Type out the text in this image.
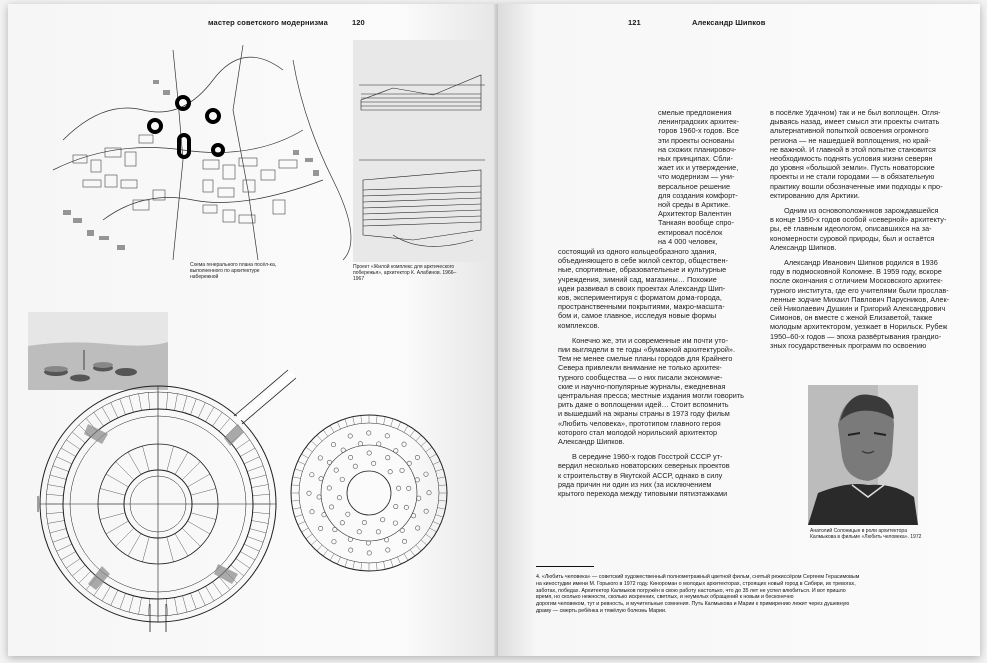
мастер советского модернизма	120
Схема генерального плана посёл-ка, выполненного по архитектуре набережной
Проект «Жилой комплекс для арктического побережья», архитектор К. Алабинов. 1966–1967
121	Александр Шипков

смелые предложения

ленинградских архитек-

торов 1960-х годов. Все

эти проекты основаны

на схожих планировоч-

ных принципах. Сбли-

жает их и утверждение,

что модернизм — уни-

версальное решение

для создания комфорт-

ной среды в Арктике.

Архитектор Валентин

Танкаян вообще спро-

ектировал посёлок

на 4 000 человек,

состоящий из одного кольцеобразного здания,

объединяющего в себе жилой сектор, обществен-

ные, спортивные, образовательные и культурные

учреждения, зимний сад, магазины… Похожие

идеи развивал в своих проектах Александр Шип-

ков, экспериментируя с форматом дома-города,

пространственными покрытиями, макро-масшта-

бом и, самое главное, исследуя новые формы

комплексов.

Конечно же, эти и современные им почти уто-

пии выглядели в те годы «бумажной архитектурой».

Тем не менее смелые планы городов для Крайнего

Севера привлекли внимание не только архитек-

турного сообщества — о них писали экономиче-

ские и научно-популярные журналы, ежедневная

центральная пресса; местные издания могли говорить

рить даже о воплощении идей… Стоит вспомнить

и вышедший на экраны страны в 1973 году фильм

«Любить человека», прототипом главного героя

которого стал молодой норильский архитектор

Александр Шипков.

В середине 1960-х годов Госстрой СССР ут-

вердил несколько новаторских северных проектов

к строительству в Якутской АССР, однако в силу

ряда причин ни один из них (за исключением

крытого перехода между типовыми пятиэтажками

в посёлке Удачном) так и не был воплощён. Огля-

дываясь назад, имеет смысл эти проекты считать

альтернативной попыткой освоения огромного

региона — не нашедшей воплощения, но край-

не важной. И главной в этой попытке становится

необходимость поднять условия жизни северян

до уровня «большой земли». Пусть новаторские

проекты и не стали городами — в обязательную

практику вошли обозначенные ими подходы к про-

ектированию для Арктики.

Одним из основоположников зарождавшейся

в конце 1950-х годов особой «северной» архитекту-

ры, её главным идеологом, описавшихся на за-

кономерности суровой природы, был и остаётся

Александр Шипков.

Александр Иванович Шипков родился в 1936

году в подмосковной Коломне. В 1959 году, вскоре

после окончания с отличием Московского архитек-

турного института, где его учителями были прослав-

ленные зодчие Михаил Павлович Парусников, Алек-

сей Николаевич Душкин и Григорий Александрович

Симонов, он вместе с женой Елизаветой, также

молодым архитектором, уезжает в Норильск. Рубеж

1950–60-х годов — эпоха развёртывания грандио-

зных государственных программ по освоению

Анатолий Солоницын в роли архитектора Калмыкова в фильме «Любить человека». 1972
4. «Любить человека» — советский художественный полнометражный цветной фильм, снятый режиссёром Сергеем Герасимовым
на киностудии имени М. Горького в 1972 году. Кинороман о молодых архитекторах, строящих новый город в Сибири, их тревогах,
заботах, победах. Архитектор Калмыков погружён в свою работу настолько, что до 35 лет не успел влюбиться. И вот пришло
время, но сколько нежности, сколько искренних, светлых, и неумелых обращений к новым и бесконечно
дорогим человеком, тут и ревность, и мучительные сомнения. Путь Калмыкова и Марии к примирению лежит через душевную
драму — смерть ребёнка и тяжёлую болезнь Марии.
